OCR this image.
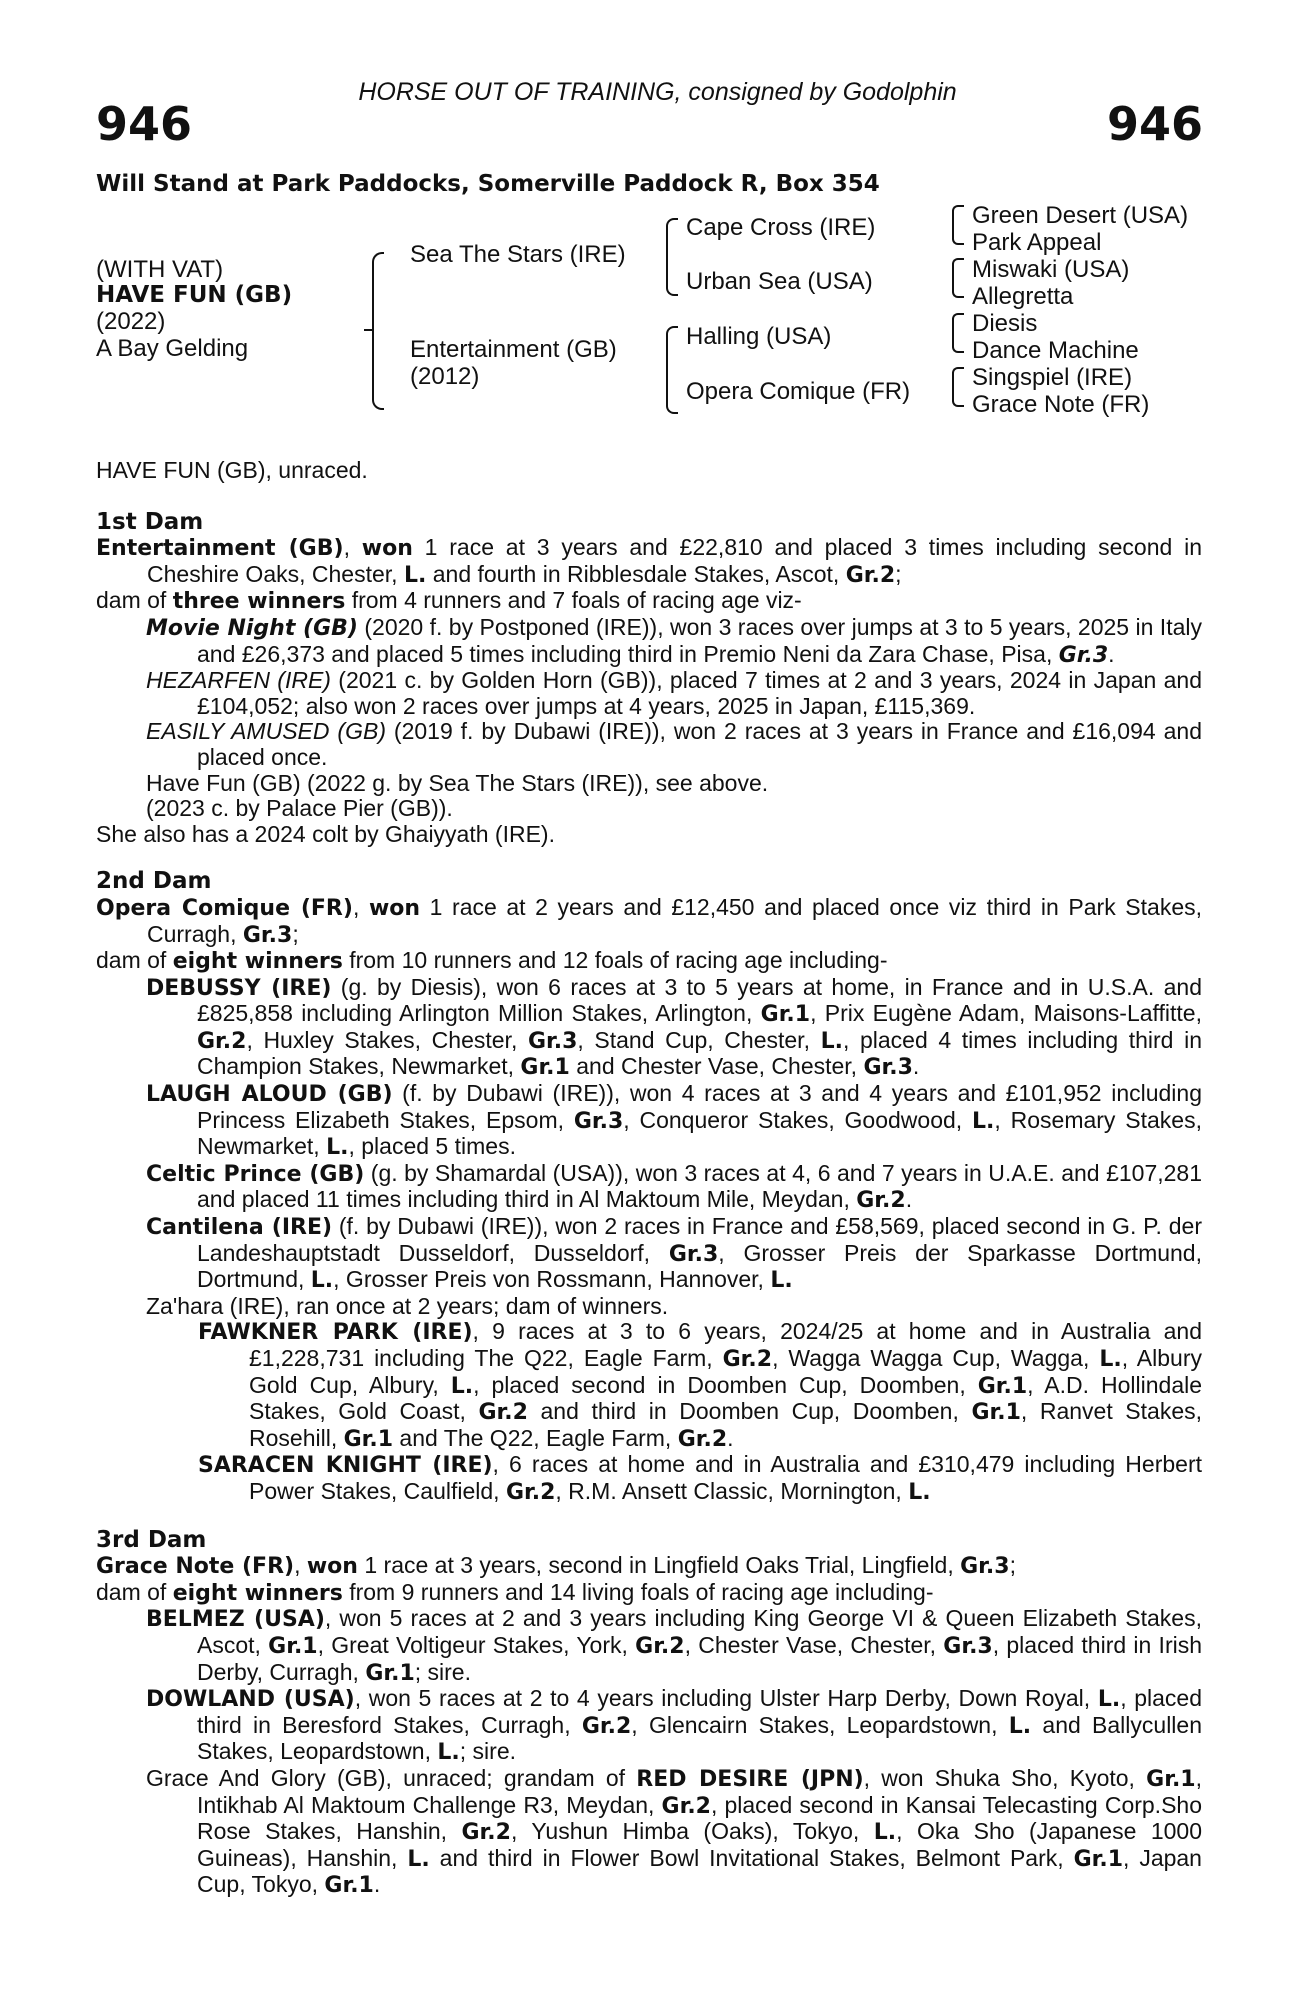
HORSE OUT OF TRAINING, consigned by Godolphin
946	946
Will Stand at Park Paddocks, Somerville Paddock R, Box 354
(WITH VAT)
HAVE FUN (GB)
(2022)
A Bay Gelding
Sea The Stars (IRE)
Entertainment (GB)
(2012)
Cape Cross (IRE)
Urban Sea (USA)
Halling (USA)
Opera Comique (FR)
Green Desert (USA)
Park Appeal
Miswaki (USA)
Allegretta
Diesis
Dance Machine
Singspiel (IRE)
Grace Note (FR)

HAVE FUN (GB), unraced.

1st Dam

Entertainment (GB), won 1 race at 3 years and £22,810 and placed 3 times including second in Cheshire Oaks, Chester, L. and fourth in Ribblesdale Stakes, Ascot, Gr.2;

dam of three winners from 4 runners and 7 foals of racing age viz-

Movie Night (GB) (2020 f. by Postponed (IRE)), won 3 races over jumps at 3 to 5 years, 2025 in Italy and £26,373 and placed 5 times including third in Premio Neni da Zara Chase, Pisa, Gr.3.

HEZARFEN (IRE) (2021 c. by Golden Horn (GB)), placed 7 times at 2 and 3 years, 2024 in Japan and £104,052; also won 2 races over jumps at 4 years, 2025 in Japan, £115,369.

EASILY AMUSED (GB) (2019 f. by Dubawi (IRE)), won 2 races at 3 years in France and £16,094 and placed once.

Have Fun (GB) (2022 g. by Sea The Stars (IRE)), see above.

(2023 c. by Palace Pier (GB)).

She also has a 2024 colt by Ghaiyyath (IRE).

2nd Dam

Opera Comique (FR), won 1 race at 2 years and £12,450 and placed once viz third in Park Stakes, Curragh, Gr.3;

dam of eight winners from 10 runners and 12 foals of racing age including-

DEBUSSY (IRE) (g. by Diesis), won 6 races at 3 to 5 years at home, in France and in U.S.A. and £825,858 including Arlington Million Stakes, Arlington, Gr.1, Prix Eugène Adam, Maisons-Laffitte, Gr.2, Huxley Stakes, Chester, Gr.3, Stand Cup, Chester, L., placed 4 times including third in Champion Stakes, Newmarket, Gr.1 and Chester Vase, Chester, Gr.3.

LAUGH ALOUD (GB) (f. by Dubawi (IRE)), won 4 races at 3 and 4 years and £101,952 including Princess Elizabeth Stakes, Epsom, Gr.3, Conqueror Stakes, Goodwood, L., Rosemary Stakes, Newmarket, L., placed 5 times.

Celtic Prince (GB) (g. by Shamardal (USA)), won 3 races at 4, 6 and 7 years in U.A.E. and £107,281 and placed 11 times including third in Al Maktoum Mile, Meydan, Gr.2.

Cantilena (IRE) (f. by Dubawi (IRE)), won 2 races in France and £58,569, placed second in G. P. der Landeshauptstadt Dusseldorf, Dusseldorf, Gr.3, Grosser Preis der Sparkasse Dortmund, Dortmund, L., Grosser Preis von Rossmann, Hannover, L.

Za'hara (IRE), ran once at 2 years; dam of winners.

FAWKNER PARK (IRE), 9 races at 3 to 6 years, 2024/25 at home and in Australia and £1,228,731 including The Q22, Eagle Farm, Gr.2, Wagga Wagga Cup, Wagga, L., Albury Gold Cup, Albury, L., placed second in Doomben Cup, Doomben, Gr.1, A.D. Hollindale Stakes, Gold Coast, Gr.2 and third in Doomben Cup, Doomben, Gr.1, Ranvet Stakes, Rosehill, Gr.1 and The Q22, Eagle Farm, Gr.2.

SARACEN KNIGHT (IRE), 6 races at home and in Australia and £310,479 including Herbert Power Stakes, Caulfield, Gr.2, R.M. Ansett Classic, Mornington, L.

3rd Dam

Grace Note (FR), won 1 race at 3 years, second in Lingfield Oaks Trial, Lingfield, Gr.3;

dam of eight winners from 9 runners and 14 living foals of racing age including-

BELMEZ (USA), won 5 races at 2 and 3 years including King George VI & Queen Elizabeth Stakes, Ascot, Gr.1, Great Voltigeur Stakes, York, Gr.2, Chester Vase, Chester, Gr.3, placed third in Irish Derby, Curragh, Gr.1; sire.

DOWLAND (USA), won 5 races at 2 to 4 years including Ulster Harp Derby, Down Royal, L., placed third in Beresford Stakes, Curragh, Gr.2, Glencairn Stakes, Leopardstown, L. and Ballycullen Stakes, Leopardstown, L.; sire.

Grace And Glory (GB), unraced; grandam of RED DESIRE (JPN), won Shuka Sho, Kyoto, Gr.1, Intikhab Al Maktoum Challenge R3, Meydan, Gr.2, placed second in Kansai Telecasting Corp.Sho Rose Stakes, Hanshin, Gr.2, Yushun Himba (Oaks), Tokyo, L., Oka Sho (Japanese 1000 Guineas), Hanshin, L. and third in Flower Bowl Invitational Stakes, Belmont Park, Gr.1, Japan Cup, Tokyo, Gr.1.
